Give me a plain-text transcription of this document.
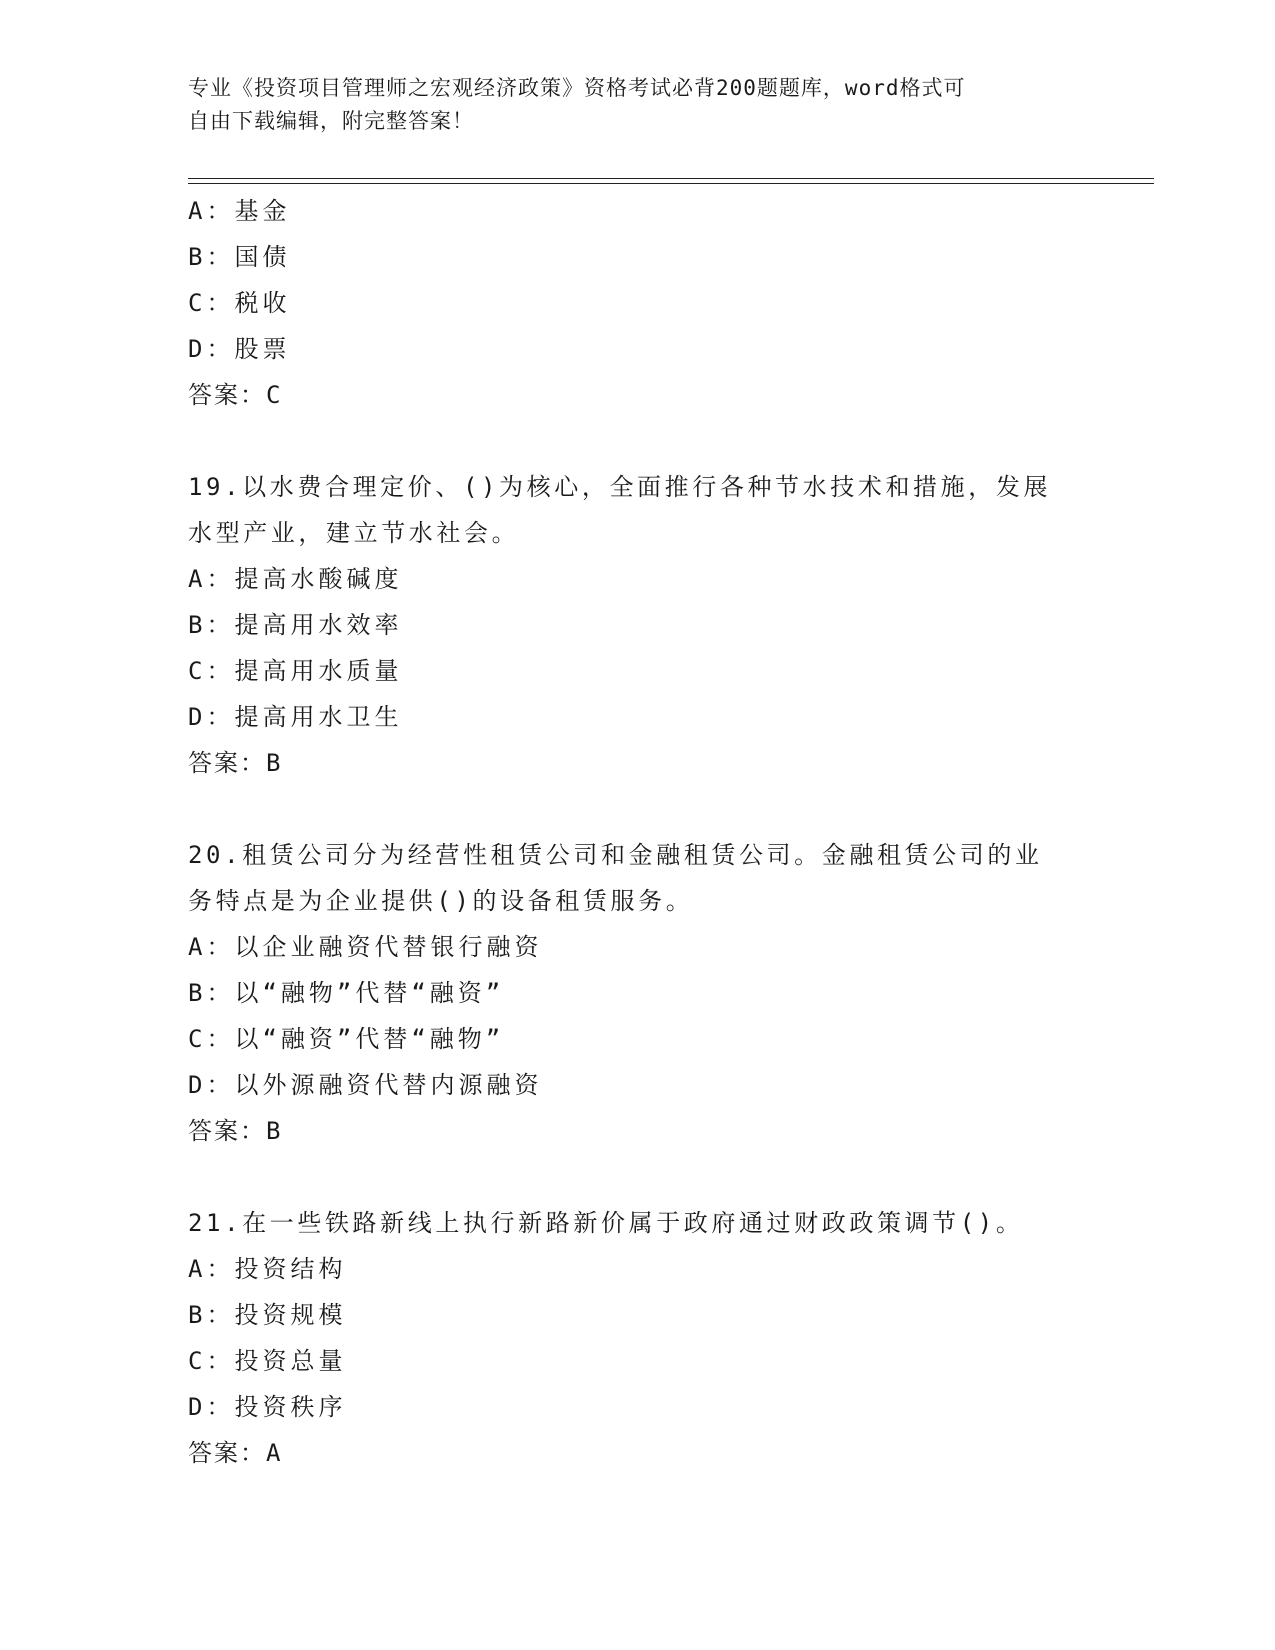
专业《投资项目管理师之宏观经济政策》资格考试必背200题题库，word格式可
自由下载编辑，附完整答案！
A：基金
B：国债
C：税收
D：股票
答案：C
19.以水费合理定价、()为核心，全面推行各种节水技术和措施，发展
水型产业，建立节水社会。
A：提高水酸碱度
B：提高用水效率
C：提高用水质量
D：提高用水卫生
答案：B
20.租赁公司分为经营性租赁公司和金融租赁公司。金融租赁公司的业
务特点是为企业提供()的设备租赁服务。
A：以企业融资代替银行融资
B：以“融物”代替“融资”
C：以“融资”代替“融物”
D：以外源融资代替内源融资
答案：B
21.在一些铁路新线上执行新路新价属于政府通过财政政策调节()。
A：投资结构
B：投资规模
C：投资总量
D：投资秩序
答案：A
